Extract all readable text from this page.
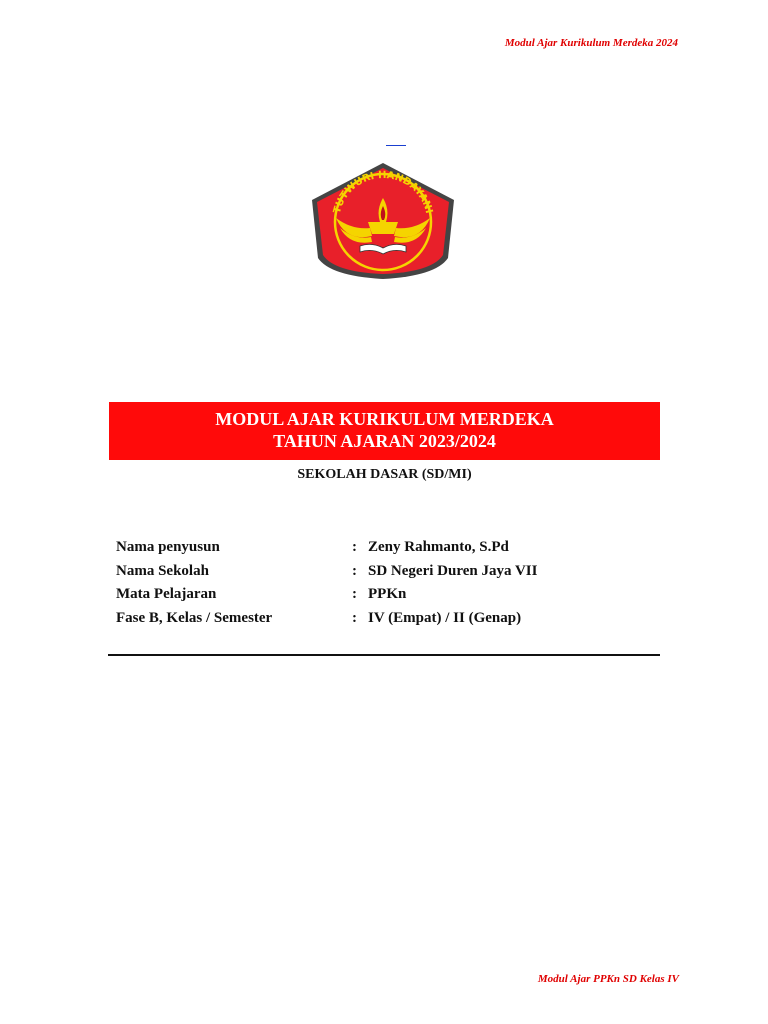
Modul Ajar Kurikulum Merdeka 2024
TUTWURI HANDAYANI
MODUL AJAR KURIKULUM MERDEKA
TAHUN AJARAN 2023/2024
SEKOLAH DASAR (SD/MI)
Nama penyusun	: Zeny Rahmanto, S.Pd
Nama Sekolah	: SD Negeri Duren Jaya VII
Mata Pelajaran	: PPKn
Fase B, Kelas / Semester	: IV (Empat) / II (Genap)
Modul Ajar PPKn SD Kelas IV
